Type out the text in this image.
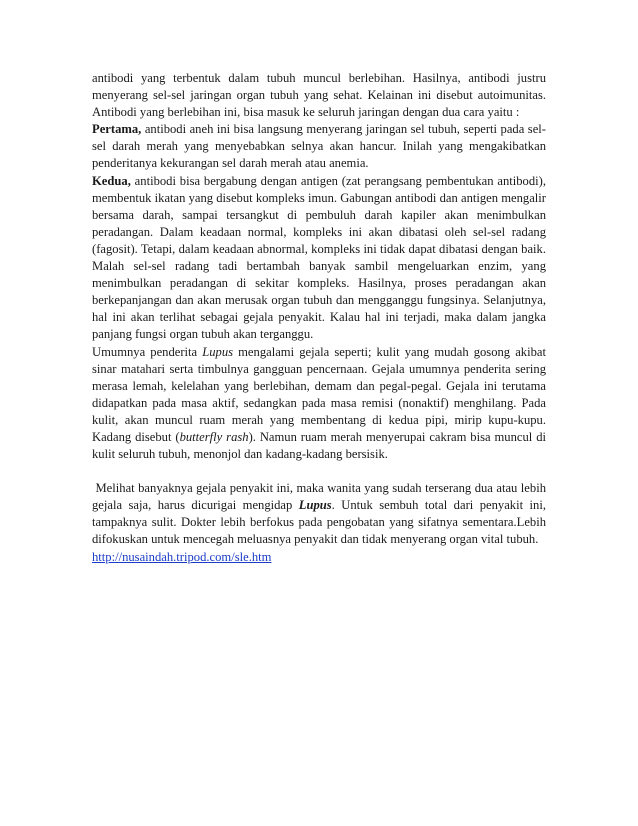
antibodi yang terbentuk dalam tubuh muncul berlebihan. Hasilnya, antibodi justru menyerang sel-sel jaringan organ tubuh yang sehat. Kelainan ini disebut autoimunitas. Antibodi yang berlebihan ini, bisa masuk ke seluruh jaringan dengan dua cara yaitu :

Pertama, antibodi aneh ini bisa langsung menyerang jaringan sel tubuh, seperti pada sel-sel darah merah yang menyebabkan selnya akan hancur. Inilah yang mengakibatkan penderitanya kekurangan sel darah merah atau anemia.

Kedua, antibodi bisa bergabung dengan antigen (zat perangsang pembentukan antibodi), membentuk ikatan yang disebut kompleks imun. Gabungan antibodi dan antigen mengalir bersama darah, sampai tersangkut di pembuluh darah kapiler akan menimbulkan peradangan. Dalam keadaan normal, kompleks ini akan dibatasi oleh sel-sel radang (fagosit). Tetapi, dalam keadaan abnormal, kompleks ini tidak dapat dibatasi dengan baik. Malah sel-sel radang tadi bertambah banyak sambil mengeluarkan enzim, yang menimbulkan peradangan di sekitar kompleks. Hasilnya, proses peradangan akan berkepanjangan dan akan merusak organ tubuh dan mengganggu fungsinya. Selanjutnya, hal ini akan terlihat sebagai gejala penyakit. Kalau hal ini terjadi, maka dalam jangka panjang fungsi organ tubuh akan terganggu.

Umumnya penderita Lupus mengalami gejala seperti; kulit yang mudah gosong akibat sinar matahari serta timbulnya gangguan pencernaan. Gejala umumnya penderita sering merasa lemah, kelelahan yang berlebihan, demam dan pegal-pegal. Gejala ini terutama didapatkan pada masa aktif, sedangkan pada masa remisi (nonaktif) menghilang. Pada kulit, akan muncul ruam merah yang membentang di kedua pipi, mirip kupu-kupu. Kadang disebut (butterfly rash). Namun ruam merah menyerupai cakram bisa muncul di kulit seluruh tubuh, menonjol dan kadang-kadang bersisik.

Melihat banyaknya gejala penyakit ini, maka wanita yang sudah terserang dua atau lebih gejala saja, harus dicurigai mengidap Lupus. Untuk sembuh total dari penyakit ini, tampaknya sulit. Dokter lebih berfokus pada pengobatan yang sifatnya sementara.Lebih difokuskan untuk mencegah meluasnya penyakit dan tidak menyerang organ vital tubuh.

http://nusaindah.tripod.com/sle.htm
